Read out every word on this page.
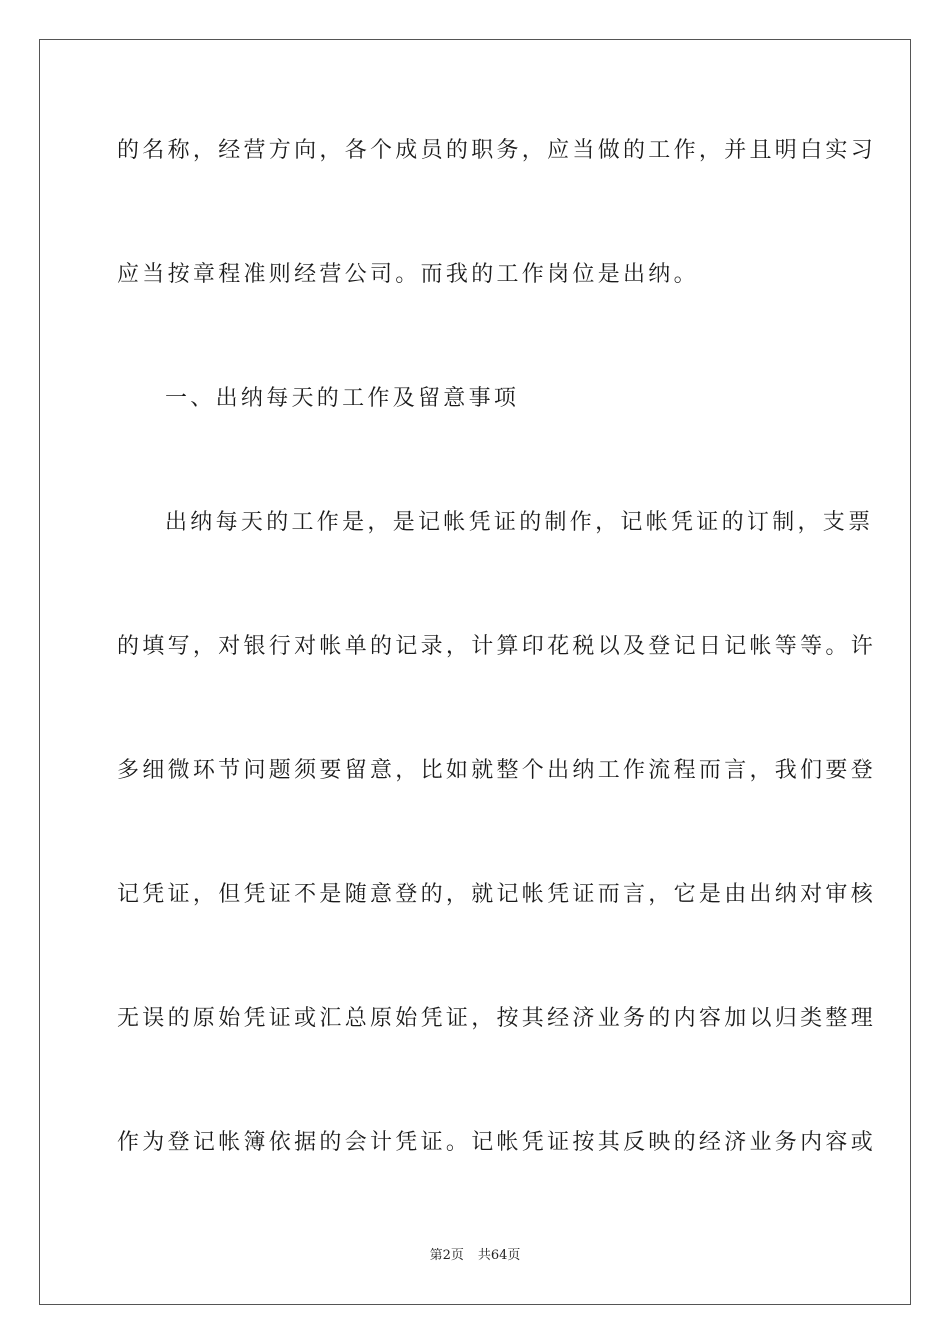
的名称，经营方向，各个成员的职务，应当做的工作，并且明白实习
应当按章程准则经营公司。而我的工作岗位是出纳。
一、出纳每天的工作及留意事项
出纳每天的工作是，是记帐凭证的制作，记帐凭证的订制，支票
的填写，对银行对帐单的记录，计算印花税以及登记日记帐等等。许
多细微环节问题须要留意，比如就整个出纳工作流程而言，我们要登
记凭证，但凭证不是随意登的，就记帐凭证而言，它是由出纳对审核
无误的原始凭证或汇总原始凭证，按其经济业务的内容加以归类整理
作为登记帐簿依据的会计凭证。记帐凭证按其反映的经济业务内容或
第2页 共64页
